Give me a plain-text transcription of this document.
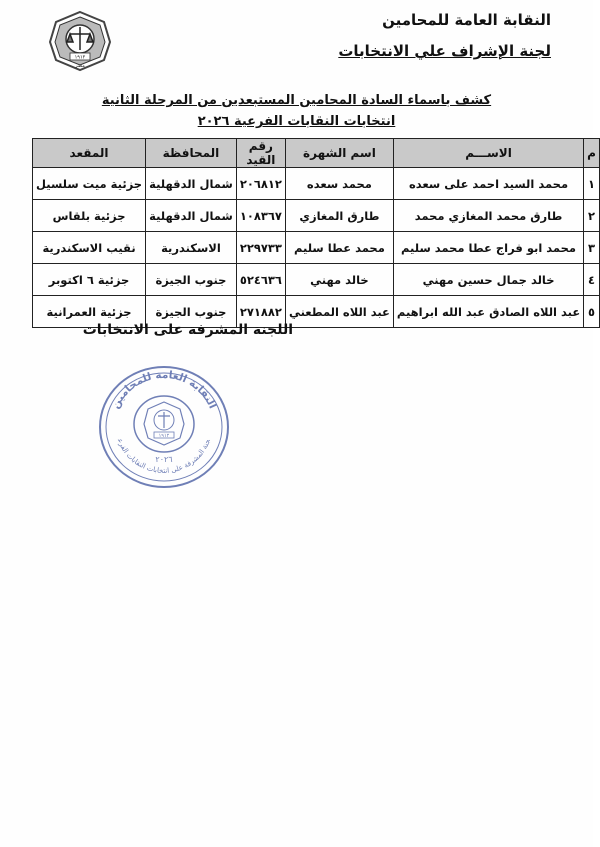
النقابة العامة للمحامين
لجنة الإشراف علي الانتخابات
١٩١٢
مصر
كشف باسماء السادة المحامين المستبعدين من المرحلة الثانية
انتخابات النقابات الفرعية ٢٠٢٦
م	الاســـم	اسم الشهرة	رقم القيد	المحافظة	المقعد
١	محمد السيد احمد على سعده	محمد سعده	٢٠٦٨١٢	شمال الدقهلية	جزئية ميت سلسيل
٢	طارق محمد المغازي محمد	طارق المغازي	١٠٨٣٦٧	شمال الدقهلية	جزئية بلقاس
٣	محمد ابو فراج عطا محمد سليم	محمد عطا سليم	٢٢٩٧٣٣	الاسكندرية	نقيب الاسكندرية
٤	خالد جمال حسين مهني	خالد مهني	٥٢٤٦٣٦	جنوب الجيزة	جزئية ٦ اكتوبر
٥	عبد اللاه الصادق عبد الله ابراهيم	عبد اللاه المطعني	٢٧١٨٨٢	جنوب الجيزة	جزئية العمرانية
اللجنة المشرفة على الانتخابات
النقابة العامة للمحامين
جنة المشرفة على انتخابات النقابات الفرع
١٩١٢
٢٠٢٦
